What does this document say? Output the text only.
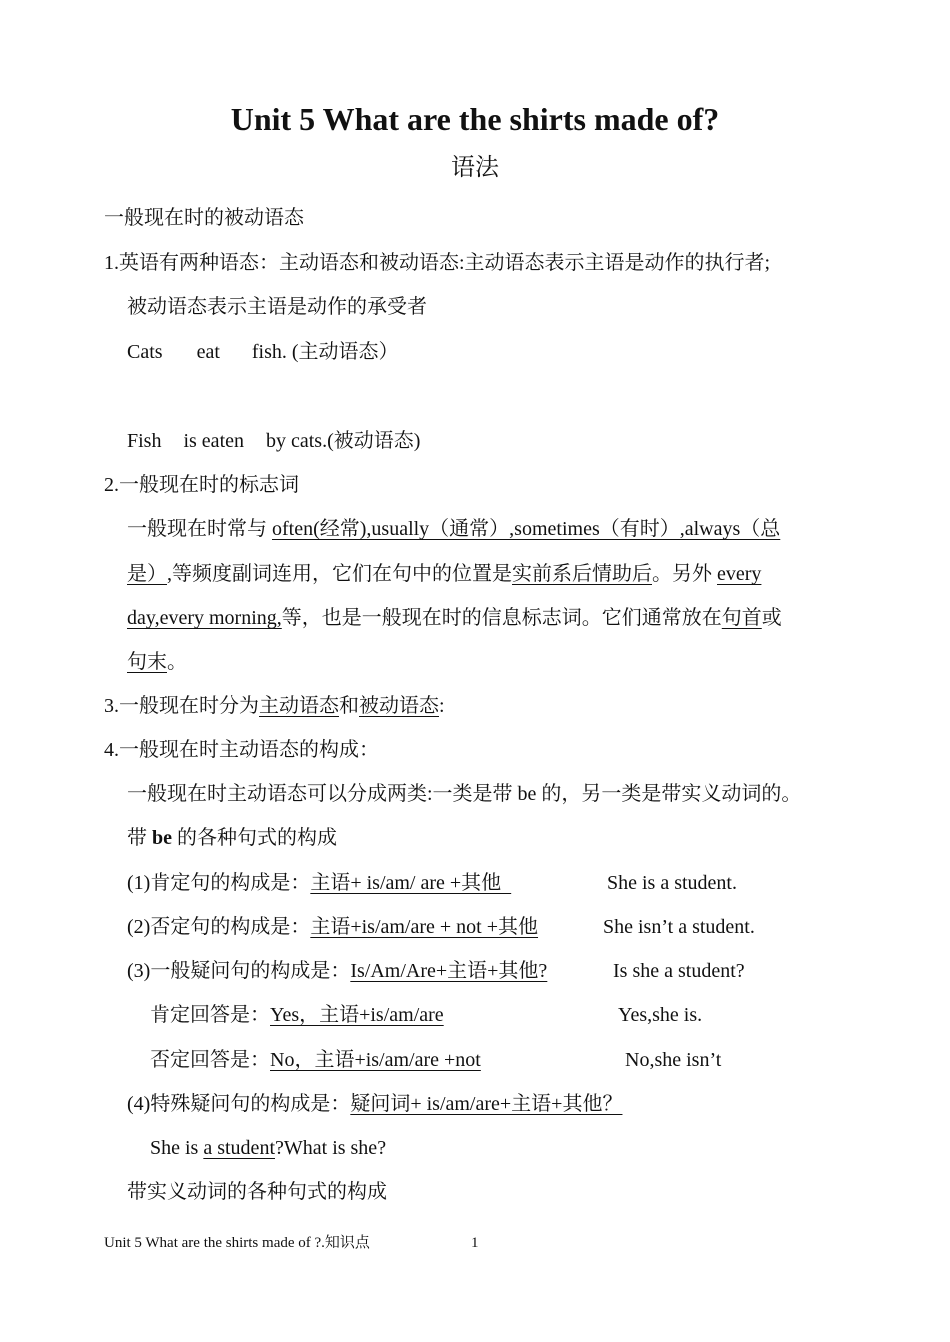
Unit 5 What are the shirts made of?
语法
一般现在时的被动语态
1.英语有两种语态：主动语态和被动语态:主动语态表示主语是动作的执行者;
被动语态表示主语是动作的承受者
Cats eat fish. (主动语态）
Fish is eaten by cats.(被动语态)
2.一般现在时的标志词
一般现在时常与 often(经常),usually（通常）,sometimes（有时）,always（总
是）,等频度副词连用，它们在句中的位置是实前系后情助后。另外 every
day,every morning,等，也是一般现在时的信息标志词。它们通常放在句首或
句末。
3.一般现在时分为主动语态和被动语态:
4.一般现在时主动语态的构成：
一般现在时主动语态可以分成两类:一类是带 be 的，另一类是带实义动词的。
带 be 的各种句式的构成
(1)肯定句的构成是：主语+ is/am/ are +其他	She is a student.
(2)否定句的构成是：主语+is/am/are + not +其他	She isn’t a student.
(3)一般疑问句的构成是：Is/Am/Are+主语+其他?	Is she a student?
肯定回答是：Yes，主语+is/am/are	Yes,she is.
否定回答是：No，主语+is/am/are +not	No,she isn’t
(4)特殊疑问句的构成是：疑问词+ is/am/are+主语+其他？
She is a student?What is she?
带实义动词的各种句式的构成
Unit 5 What are the shirts made of ?.知识点	1
